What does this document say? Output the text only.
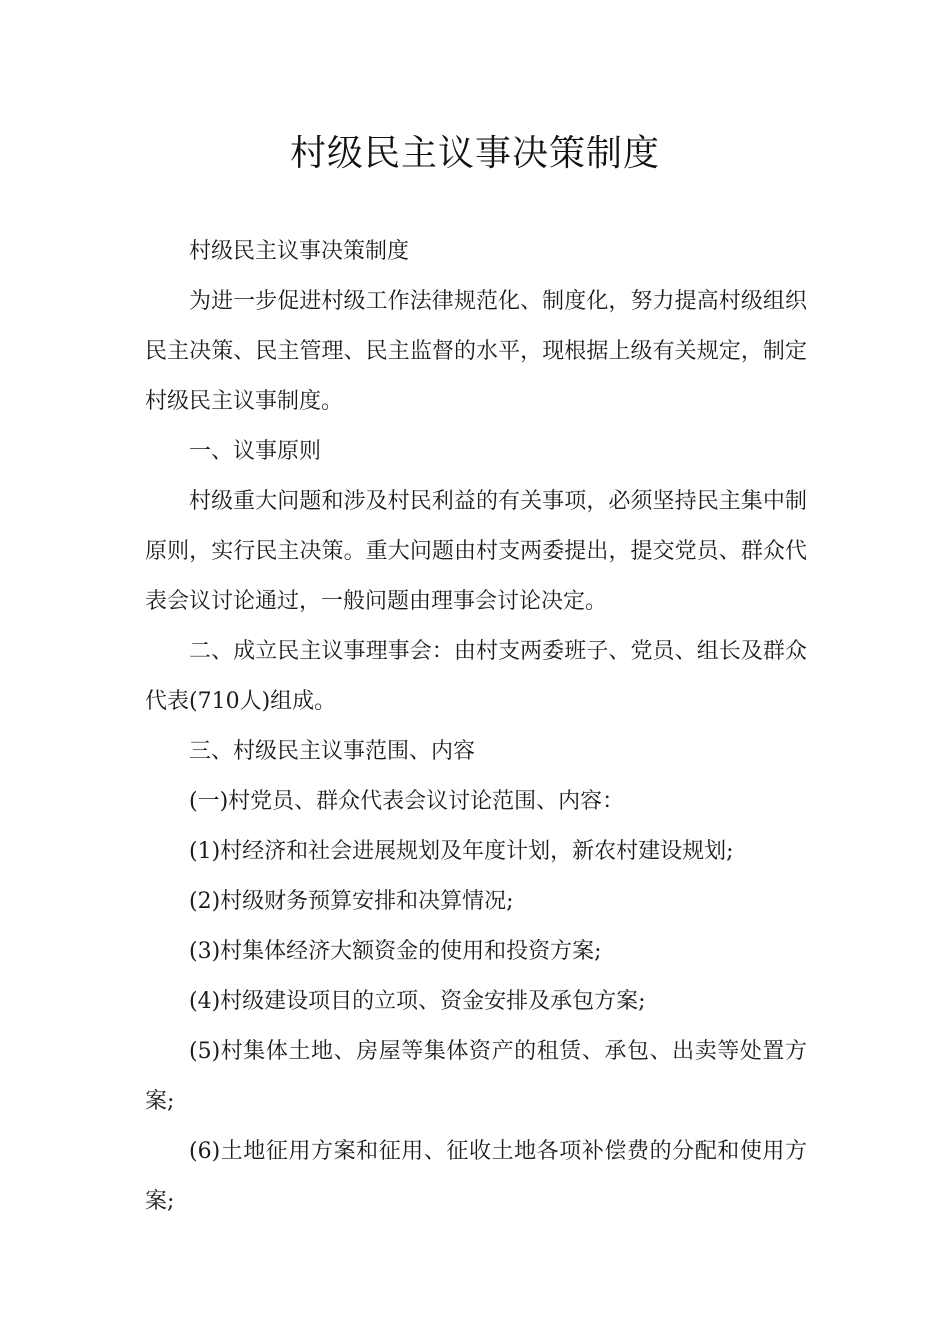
村级民主议事决策制度

村级民主议事决策制度

为进一步促进村级工作法律规范化、制度化，努力提高村级组织民主决策、民主管理、民主监督的水平，现根据上级有关规定，制定村级民主议事制度。

一、议事原则

村级重大问题和涉及村民利益的有关事项，必须坚持民主集中制原则，实行民主决策。重大问题由村支两委提出，提交党员、群众代表会议讨论通过，一般问题由理事会讨论决定。

二、成立民主议事理事会：由村支两委班子、党员、组长及群众代表(710人)组成。

三、村级民主议事范围、内容

(一)村党员、群众代表会议讨论范围、内容：

(1)村经济和社会进展规划及年度计划，新农村建设规划;

(2)村级财务预算安排和决算情况;

(3)村集体经济大额资金的使用和投资方案;

(4)村级建设项目的立项、资金安排及承包方案;

(5)村集体土地、房屋等集体资产的租赁、承包、出卖等处置方案;

(6)土地征用方案和征用、征收土地各项补偿费的分配和使用方案;
